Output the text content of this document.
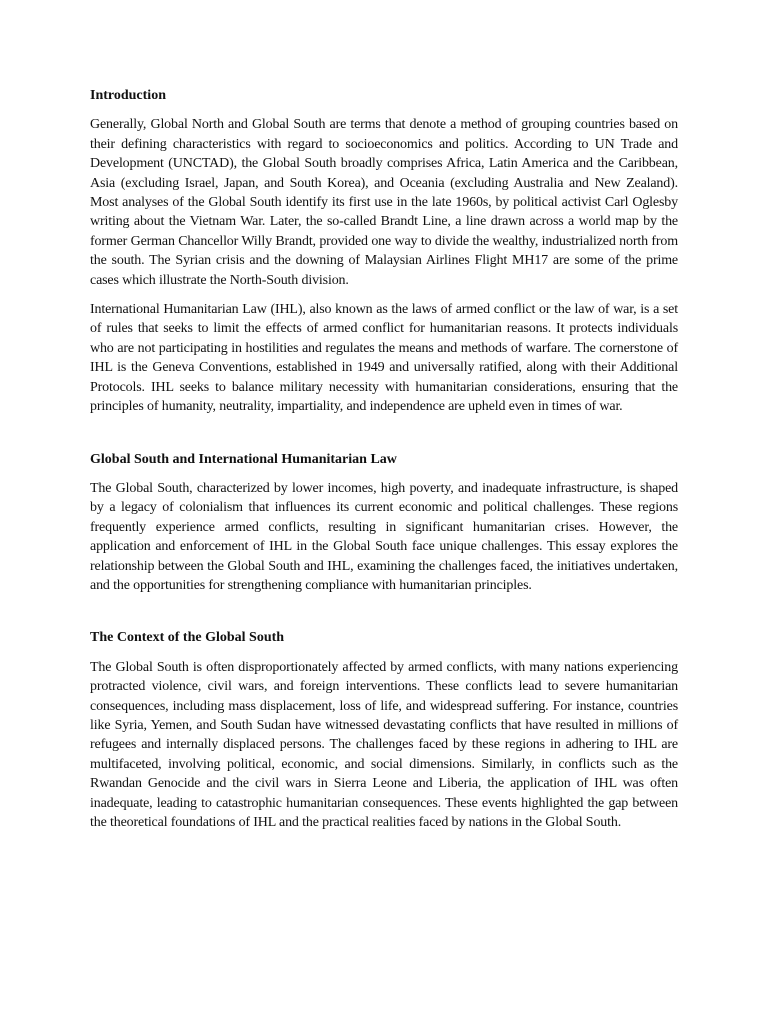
Introduction

Generally, Global North and Global South are terms that denote a method of grouping countries based on their defining characteristics with regard to socioeconomics and politics. According to UN Trade and Development (UNCTAD), the Global South broadly comprises Africa, Latin America and the Caribbean, Asia (excluding Israel, Japan, and South Korea), and Oceania (excluding Australia and New Zealand). Most analyses of the Global South identify its first use in the late 1960s, by political activist Carl Oglesby writing about the Vietnam War. Later, the so-called Brandt Line, a line drawn across a world map by the former German Chancellor Willy Brandt, provided one way to divide the wealthy, industrialized north from the south. The Syrian crisis and the downing of Malaysian Airlines Flight MH17 are some of the prime cases which illustrate the North-South division.

International Humanitarian Law (IHL), also known as the laws of armed conflict or the law of war, is a set of rules that seeks to limit the effects of armed conflict for humanitarian reasons. It protects individuals who are not participating in hostilities and regulates the means and methods of warfare. The cornerstone of IHL is the Geneva Conventions, established in 1949 and universally ratified, along with their Additional Protocols. IHL seeks to balance military necessity with humanitarian considerations, ensuring that the principles of humanity, neutrality, impartiality, and independence are upheld even in times of war.

Global South and International Humanitarian Law

The Global South, characterized by lower incomes, high poverty, and inadequate infrastructure, is shaped by a legacy of colonialism that influences its current economic and political challenges. These regions frequently experience armed conflicts, resulting in significant humanitarian crises. However, the application and enforcement of IHL in the Global South face unique challenges. This essay explores the relationship between the Global South and IHL, examining the challenges faced, the initiatives undertaken, and the opportunities for strengthening compliance with humanitarian principles.

The Context of the Global South

The Global South is often disproportionately affected by armed conflicts, with many nations experiencing protracted violence, civil wars, and foreign interventions. These conflicts lead to severe humanitarian consequences, including mass displacement, loss of life, and widespread suffering. For instance, countries like Syria, Yemen, and South Sudan have witnessed devastating conflicts that have resulted in millions of refugees and internally displaced persons. The challenges faced by these regions in adhering to IHL are multifaceted, involving political, economic, and social dimensions. Similarly, in conflicts such as the Rwandan Genocide and the civil wars in Sierra Leone and Liberia, the application of IHL was often inadequate, leading to catastrophic humanitarian consequences. These events highlighted the gap between the theoretical foundations of IHL and the practical realities faced by nations in the Global South.
